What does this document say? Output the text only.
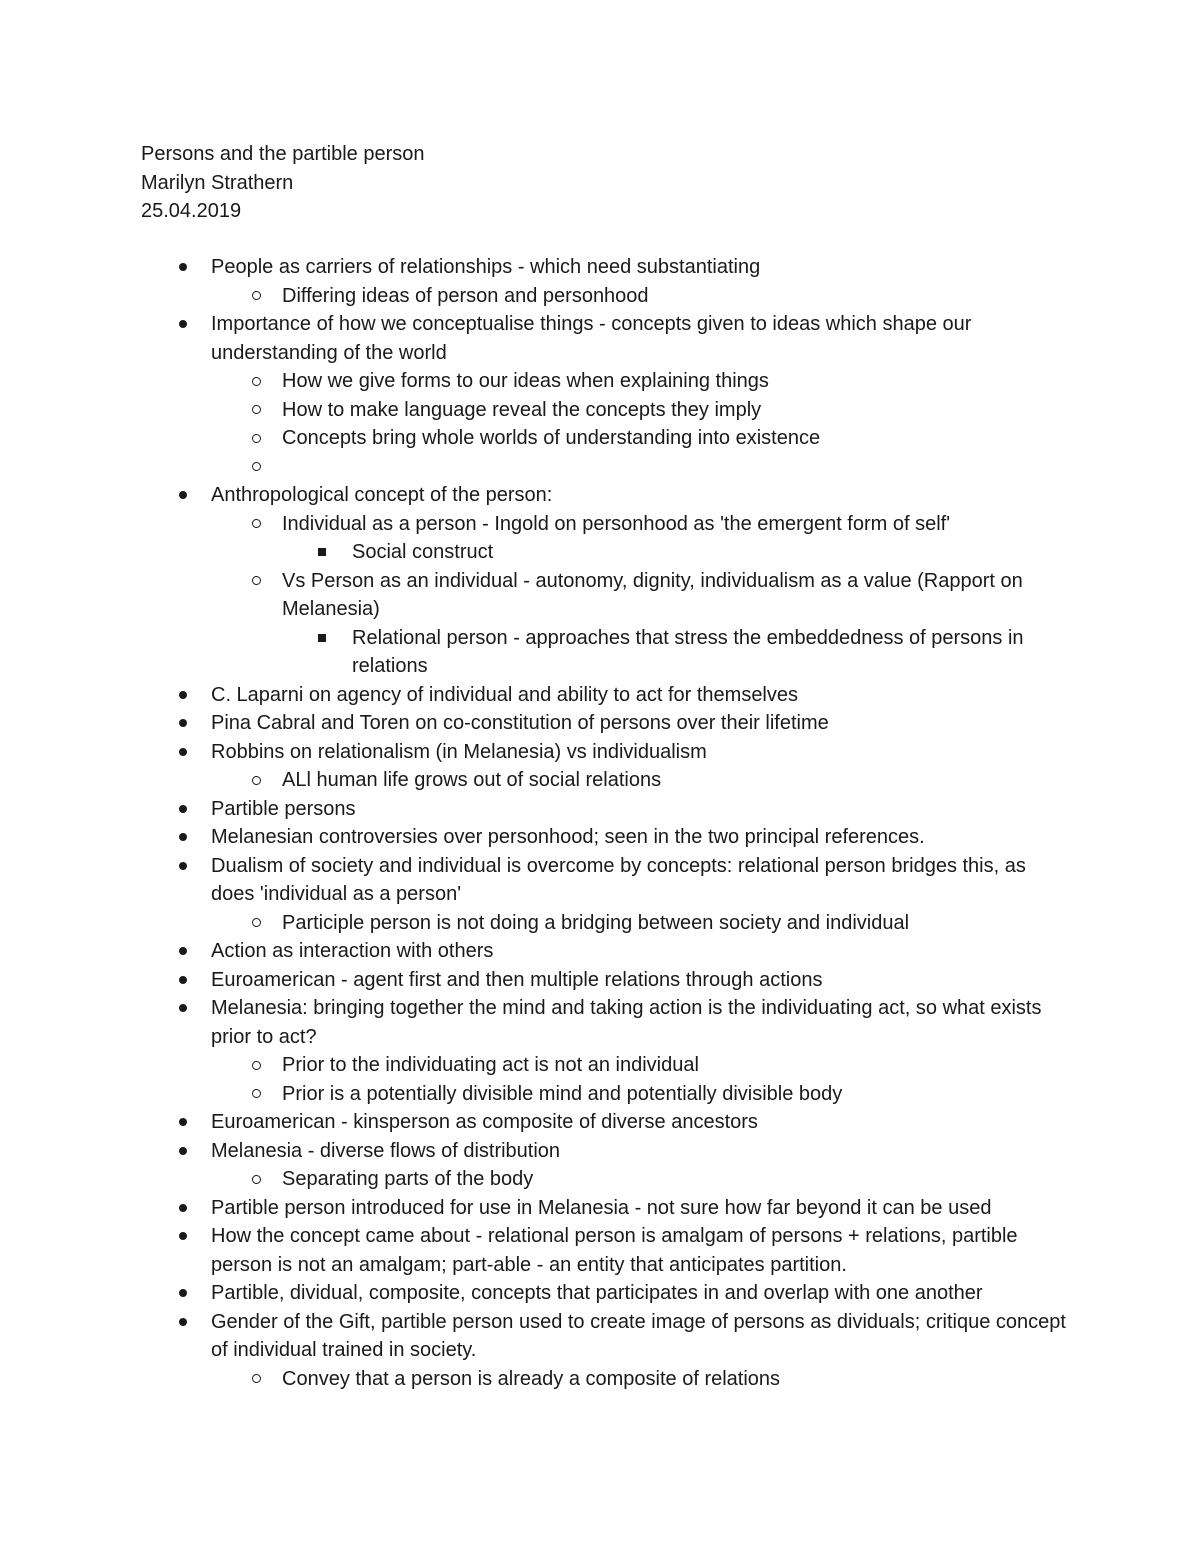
Persons and the partible person
Marilyn Strathern
25.04.2019
People as carriers of relationships - which need substantiating
Differing ideas of person and personhood
Importance of how we conceptualise things - concepts given to ideas which shape our understanding of the world
How we give forms to our ideas when explaining things
How to make language reveal the concepts they imply
Concepts bring whole worlds of understanding into existence
Anthropological concept of the person:
Individual as a person - Ingold on personhood as 'the emergent form of self'
Social construct
Vs Person as an individual - autonomy, dignity, individualism as a value (Rapport on Melanesia)
Relational person - approaches that stress the embeddedness of persons in relations
C. Laparni on agency of individual and ability to act for themselves
Pina Cabral and Toren on co-constitution of persons over their lifetime
Robbins on relationalism (in Melanesia) vs individualism
ALl human life grows out of social relations
Partible persons
Melanesian controversies over personhood; seen in the two principal references.
Dualism of society and individual is overcome by concepts: relational person bridges this, as does 'individual as a person'
Participle person is not doing a bridging between society and individual
Action as interaction with others
Euroamerican - agent first and then multiple relations through actions
Melanesia: bringing together the mind and taking action is the individuating act, so what exists prior to act?
Prior to the individuating act is not an individual
Prior is a potentially divisible mind and potentially divisible body
Euroamerican - kinsperson as composite of diverse ancestors
Melanesia - diverse flows of distribution
Separating parts of the body
Partible person introduced for use in Melanesia - not sure how far beyond it can be used
How the concept came about - relational person is amalgam of persons + relations, partible person is not an amalgam; part-able - an entity that anticipates partition.
Partible, dividual, composite, concepts that participates in and overlap with one another
Gender of the Gift, partible person used to create image of persons as dividuals; critique concept of individual trained in society.
Convey that a person is already a composite of relations
